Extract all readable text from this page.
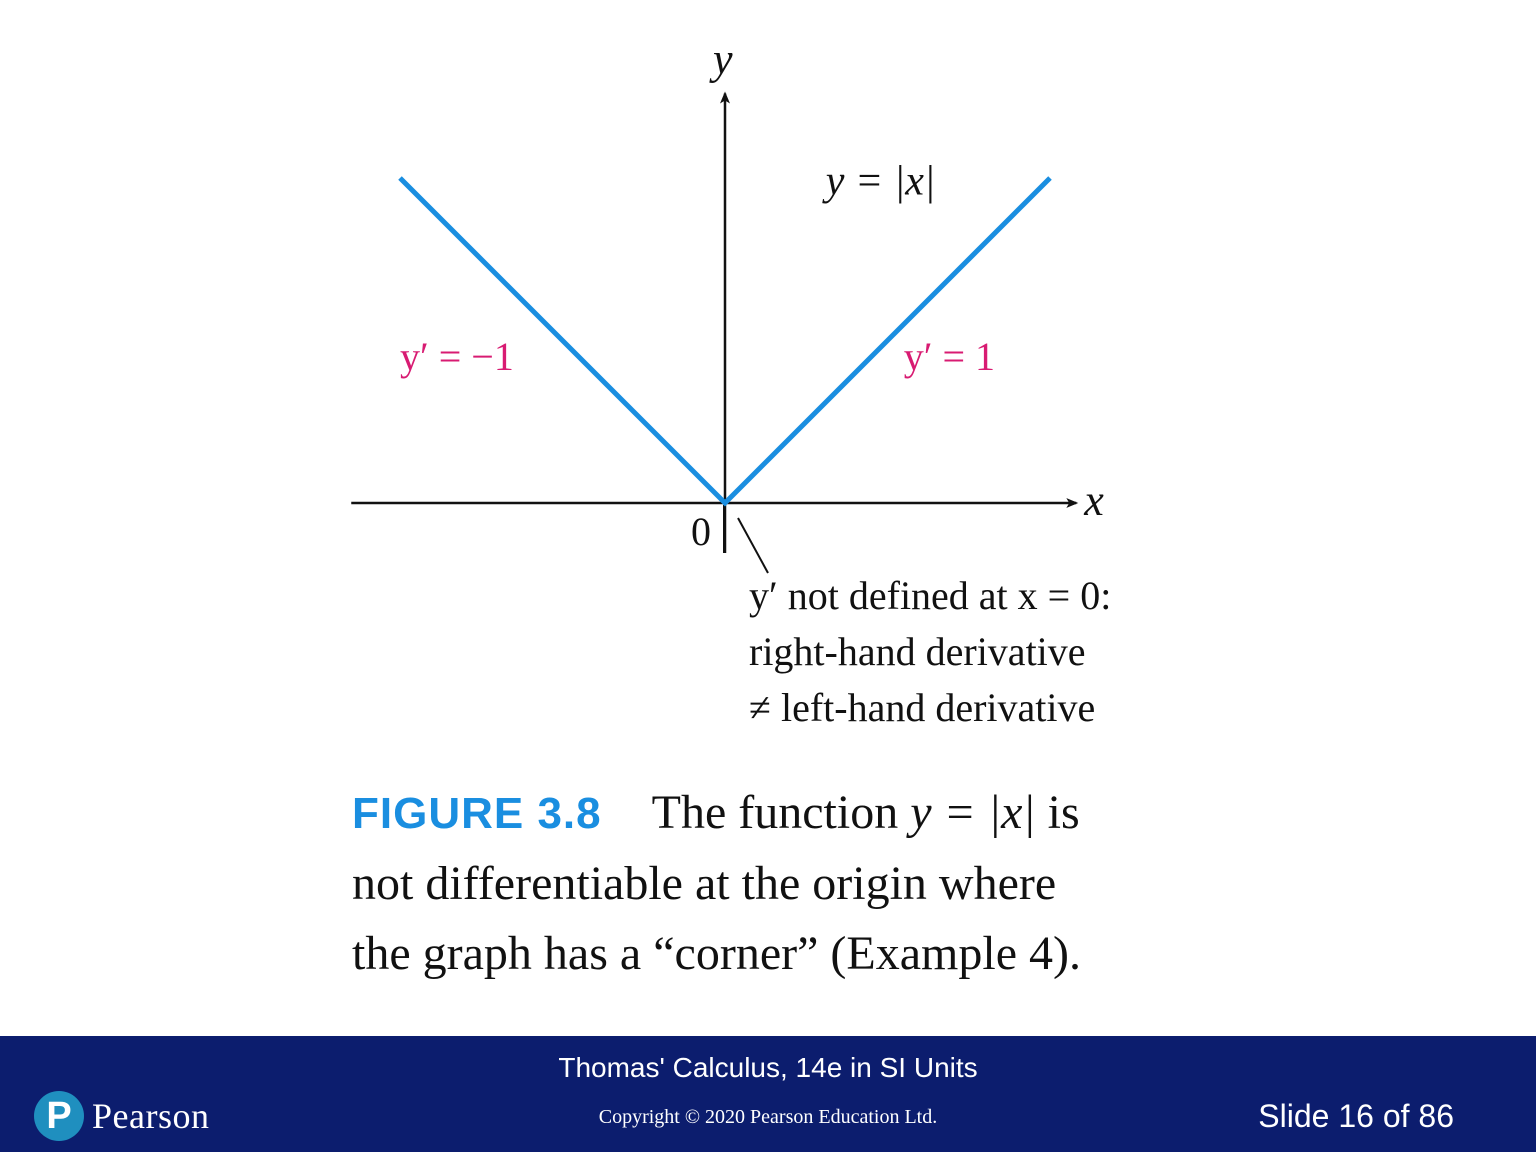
x
y
0
y = |x|
y′ = −1	y′ = 1
y′ not defined at x = 0:
right-hand derivative
≠ left-hand derivative
FIGURE 3.8 The function y = |x| is
not differentiable at the origin where
the graph has a “corner” (Example 4).
P Pearson
Thomas' Calculus, 14e in SI Units
Copyright © 2020 Pearson Education Ltd.	Slide 16 of 86
